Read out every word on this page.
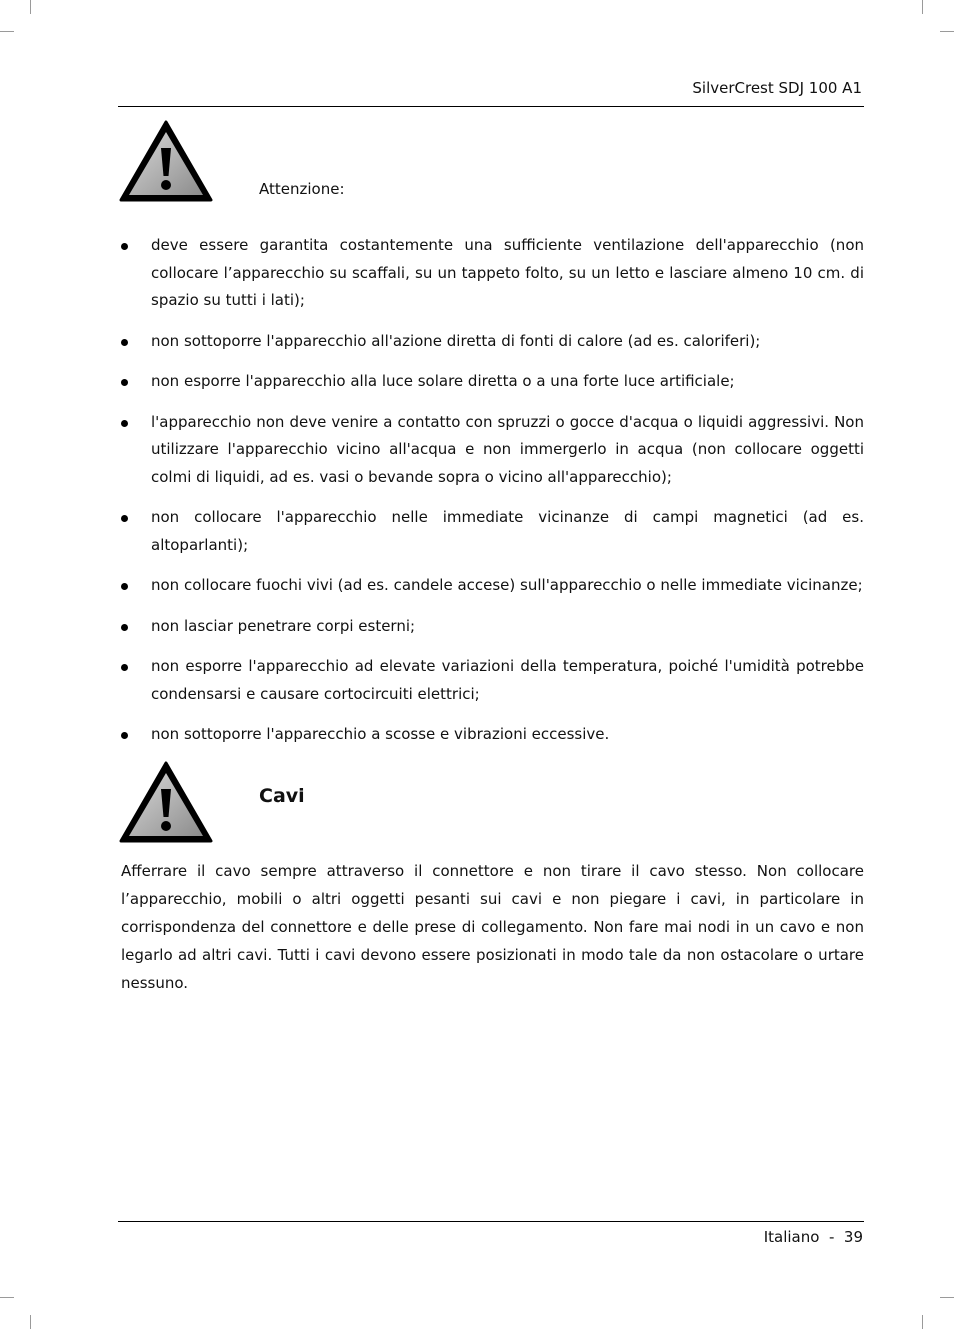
SilverCrest SDJ 100 A1
Attenzione:
deve essere garantita costantemente una sufficiente ventilazione dell'apparecchio (non collocare l’apparecchio su scaffali, su un tappeto folto, su un letto e lasciare almeno 10 cm. di spazio su tutti i lati);
non sottoporre l'apparecchio all'azione diretta di fonti di calore (ad es. caloriferi);
non esporre l'apparecchio alla luce solare diretta o a una forte luce artificiale;
l'apparecchio non deve venire a contatto con spruzzi o gocce d'acqua o liquidi aggressivi. Non utilizzare l'apparecchio vicino all'acqua e non immergerlo in acqua (non collocare oggetti colmi di liquidi, ad es. vasi o bevande sopra o vicino all'apparecchio);
non collocare l'apparecchio nelle immediate vicinanze di campi magnetici (ad es. altoparlanti);
non collocare fuochi vivi (ad es. candele accese) sull'apparecchio o nelle immediate vicinanze;
non lasciar penetrare corpi esterni;
non esporre l'apparecchio ad elevate variazioni della temperatura, poiché l'umidità potrebbe condensarsi e causare cortocircuiti elettrici;
non sottoporre l'apparecchio a scosse e vibrazioni eccessive.
Cavi

Afferrare il cavo sempre attraverso il connettore e non tirare il cavo stesso. Non collocare l’apparecchio, mobili o altri oggetti pesanti sui cavi e non piegare i cavi, in particolare in corrispondenza del connettore e delle prese di collegamento. Non fare mai nodi in un cavo e non legarlo ad altri cavi. Tutti i cavi devono essere posizionati in modo tale da non ostacolare o urtare nessuno.

Italiano  -  39
